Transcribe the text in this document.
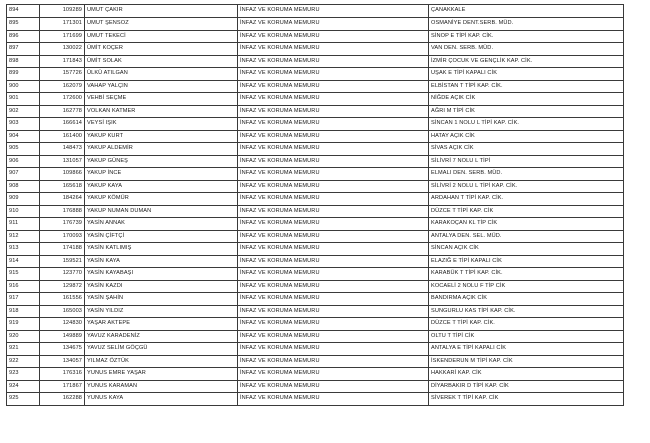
894	109289	UMUT ÇAKIR	İNFAZ VE KORUMA MEMURU	ÇANAKKALE
895	171301	UMUT ŞENSOZ	İNFAZ VE KORUMA MEMURU	OSMANİYE DENT.SERB. MÜD.
896	171699	UMUT TEKECİ	İNFAZ VE KORUMA MEMURU	SİNOP E TİPİ KAP. CİK.
897	130022	ÜMİT KOÇER	İNFAZ VE KORUMA MEMURU	VAN DEN. SERB. MÜD.
898	171843	ÜMİT SOLAK	İNFAZ VE KORUMA MEMURU	İZMİR ÇOCUK VE GENÇLİK KAP. CİK.
899	157726	ÜLKÜ ATILGAN	İNFAZ VE KORUMA MEMURU	UŞAK E TİPİ KAPALI CİK
900	162079	VAHAP YALÇIN	İNFAZ VE KORUMA MEMURU	ELBİSTAN T TİPİ KAP. CİK.
901	172600	VEHBİ SEÇME	İNFAZ VE KORUMA MEMURU	NİĞDE AÇIK CİK
902	162778	VOLKAN KATMER	İNFAZ VE KORUMA MEMURU	AĞRI M TİPİ CİK
903	166614	VEYSİ IŞIK	İNFAZ VE KORUMA MEMURU	SİNCAN 1 NOLU L TİPİ KAP. CİK.
904	161400	YAKUP KURT	İNFAZ VE KORUMA MEMURU	HATAY AÇIK CİK
905	148473	YAKUP ALDEMİR	İNFAZ VE KORUMA MEMURU	SİVAS AÇIK CİK
906	131057	YAKUP GÜNEŞ	İNFAZ VE KORUMA MEMURU	SİLİVRİ 7 NOLU L TİPİ
907	109866	YAKUP İNCE	İNFAZ VE KORUMA MEMURU	ELMALI DEN. SERB. MÜD.
908	165618	YAKUP KAYA	İNFAZ VE KORUMA MEMURU	SİLİVRİ 2 NOLU L TİPİ KAP. CİK.
909	184264	YAKUP KÖMÜR	İNFAZ VE KORUMA MEMURU	ARDAHAN T TİPİ KAP. CİK.
910	176888	YAKUP NUMAN DUMAN	İNFAZ VE KORUMA MEMURU	DÜZCE T TİPİ KAP. CİK
911	176739	YASİN ANNAK	İNFAZ VE KORUMA MEMURU	KARAKOÇAN KL TİP CİK
912	170093	YASİN ÇİFTÇİ	İNFAZ VE KORUMA MEMURU	ANTALYA DEN. SEL. MÜD.
913	174188	YASİN KATLIMIŞ	İNFAZ VE KORUMA MEMURU	SİNCAN AÇIK CİK
914	159521	YASİN KAYA	İNFAZ VE KORUMA MEMURU	ELAZIĞ E TİPİ KAPALI CİK
915	123770	YASİN KAYABAŞI	İNFAZ VE KORUMA MEMURU	KARABÜK T TİPİ KAP. CİK.
916	129872	YASİN KAZDI	İNFAZ VE KORUMA MEMURU	KOCAELİ 2 NOLU F TİP CİK
917	161556	YASİN ŞAHİN	İNFAZ VE KORUMA MEMURU	BANDIRMA AÇIK CİK
918	165003	YASİN YILDIZ	İNFAZ VE KORUMA MEMURU	SUNGURLU KAS TİPİ KAP. CİK.
919	124830	YAŞAR AKTEPE	İNFAZ VE KORUMA MEMURU	DÜZCE T TİPİ KAP. CİK.
920	149889	YAVUZ KARADENİZ	İNFAZ VE KORUMA MEMURU	OLTU T TİPİ CİK
921	134675	YAVUZ SELİM GÖÇGÜ	İNFAZ VE KORUMA MEMURU	ANTALYA E TİPİ KAPALI CİK
922	134057	YILMAZ ÖZTÜK	İNFAZ VE KORUMA MEMURU	İSKENDERUN M TİPİ KAP. CİK
923	176316	YUNUS EMRE YAŞAR	İNFAZ VE KORUMA MEMURU	HAKKARİ KAP. CİK
924	171867	YUNUS KARAMAN	İNFAZ VE KORUMA MEMURU	DİYARBAKIR D TİPİ KAP. CİK
925	162288	YUNUS KAYA	İNFAZ VE KORUMA MEMURU	SİVEREK T TİPİ KAP. CİK
